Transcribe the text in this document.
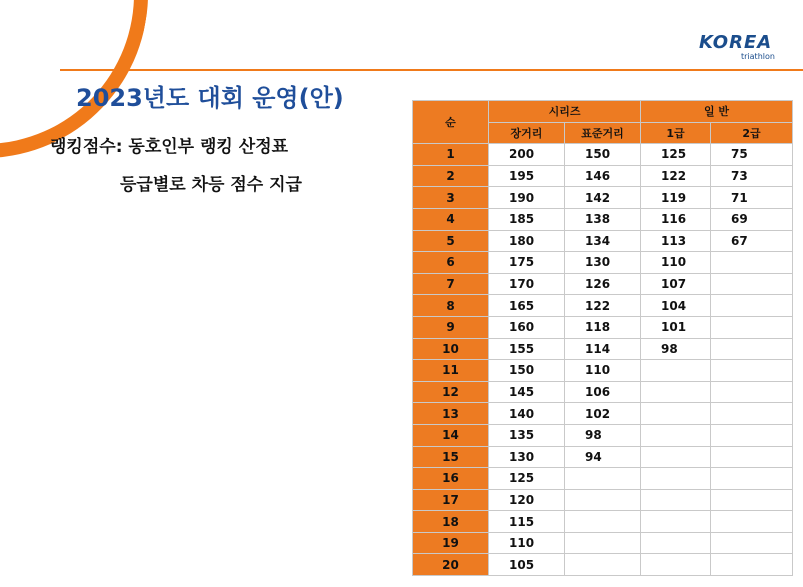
KOREA
triathlon
2023년도 대회 운영(안)
랭킹점수: 동호인부 랭킹 산정표
등급별로 차등 점수 지급
순	시리즈		일 반	
	장거리	표준거리	1급	2급
1	200	150	125	75
2	195	146	122	73
3	190	142	119	71
4	185	138	116	69
5	180	134	113	67
6	175	130	110	
7	170	126	107	
8	165	122	104	
9	160	118	101	
10	155	114	98	
11	150	110		
12	145	106		
13	140	102		
14	135	98		
15	130	94		
16	125			
17	120			
18	115			
19	110			
20	105			
